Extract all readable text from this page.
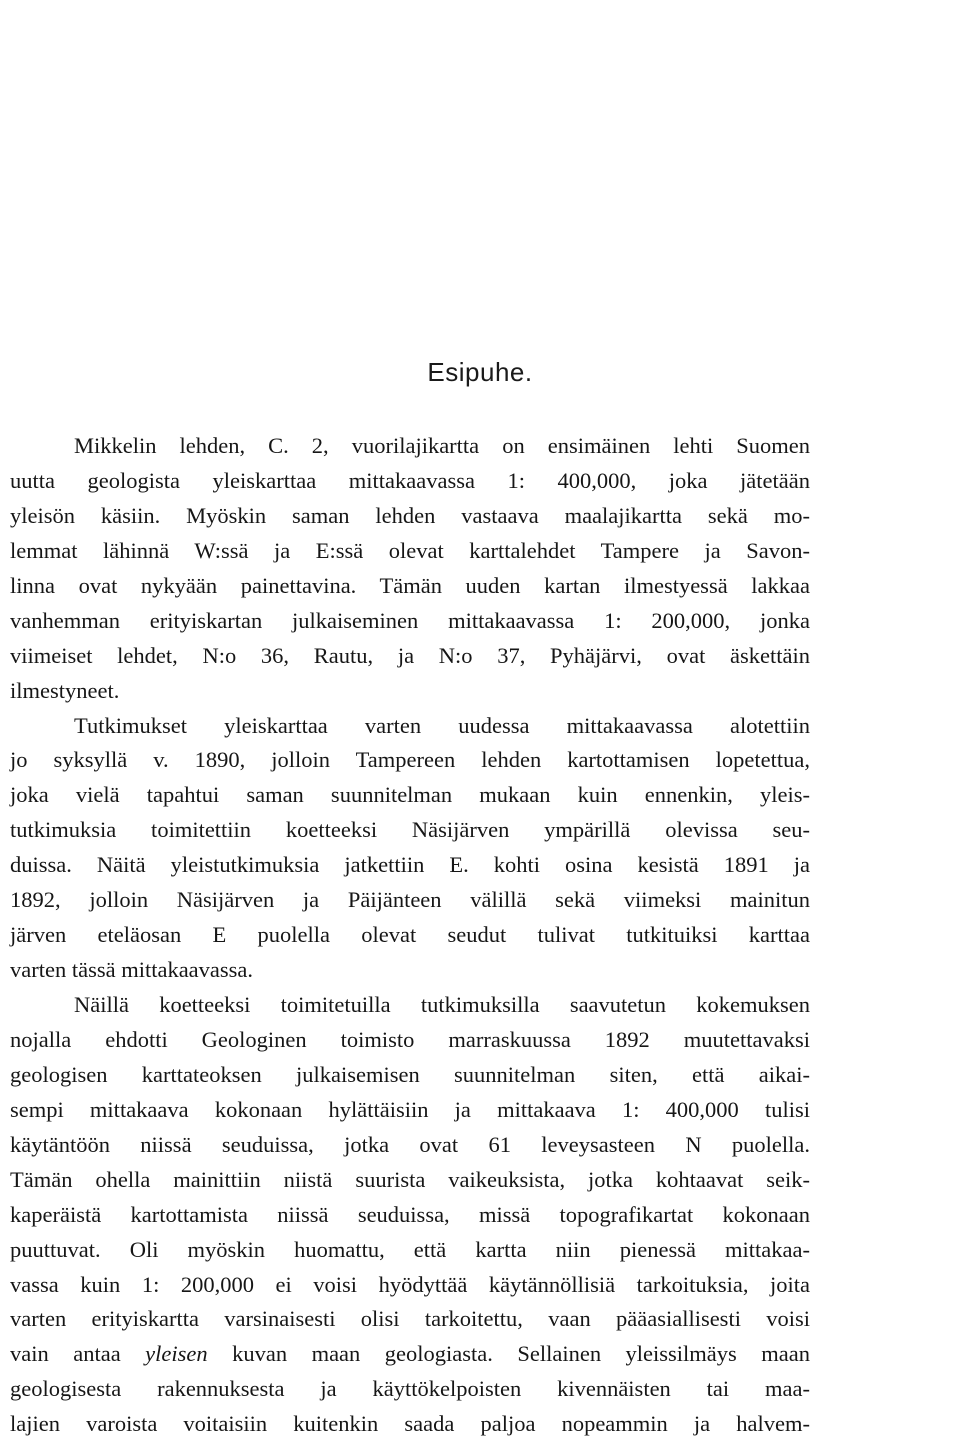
Esipuhe.
Mikkelin lehden, C. 2, vuorilajikartta on ensimäinen lehti Suomen
uutta geologista yleiskarttaa mittakaavassa 1: 400,000, joka jätetään
yleisön käsiin. Myöskin saman lehden vastaava maalajikartta sekä mo-
lemmat lähinnä W:ssä ja E:ssä olevat karttalehdet Tampere ja Savon-
linna ovat nykyään painettavina. Tämän uuden kartan ilmestyessä lakkaa
vanhemman erityiskartan julkaiseminen mittakaavassa 1: 200,000, jonka
viimeiset lehdet, N:o 36, Rautu, ja N:o 37, Pyhäjärvi, ovat äskettäin
ilmestyneet.
Tutkimukset yleiskarttaa varten uudessa mittakaavassa alotettiin
jo syksyllä v. 1890, jolloin Tampereen lehden kartottamisen lopetettua,
joka vielä tapahtui saman suunnitelman mukaan kuin ennenkin, yleis-
tutkimuksia toimitettiin koetteeksi Näsijärven ympärillä olevissa seu-
duissa. Näitä yleistutkimuksia jatkettiin E. kohti osina kesistä 1891 ja
1892, jolloin Näsijärven ja Päijänteen välillä sekä viimeksi mainitun
järven eteläosan E puolella olevat seudut tulivat tutkituiksi karttaa
varten tässä mittakaavassa.
Näillä koetteeksi toimitetuilla tutkimuksilla saavutetun kokemuksen
nojalla ehdotti Geologinen toimisto marraskuussa 1892 muutettavaksi
geologisen karttateoksen julkaisemisen suunnitelman siten, että aikai-
sempi mittakaava kokonaan hylättäisiin ja mittakaava 1: 400,000 tulisi
käytäntöön niissä seuduissa, jotka ovat 61 leveysasteen N puolella.
Tämän ohella mainittiin niistä suurista vaikeuksista, jotka kohtaavat seik-
kaperäistä kartottamista niissä seuduissa, missä topografikartat kokonaan
puuttuvat. Oli myöskin huomattu, että kartta niin pienessä mittakaa-
vassa kuin 1: 200,000 ei voisi hyödyttää käytännöllisiä tarkoituksia, joita
varten erityiskartta varsinaisesti olisi tarkoitettu, vaan pääasiallisesti voisi
vain antaa yleisen kuvan maan geologiasta. Sellainen yleissilmäys maan
geologisesta rakennuksesta ja käyttökelpoisten kivennäisten tai maa-
lajien varoista voitaisiin kuitenkin saada paljoa nopeammin ja halvem-
